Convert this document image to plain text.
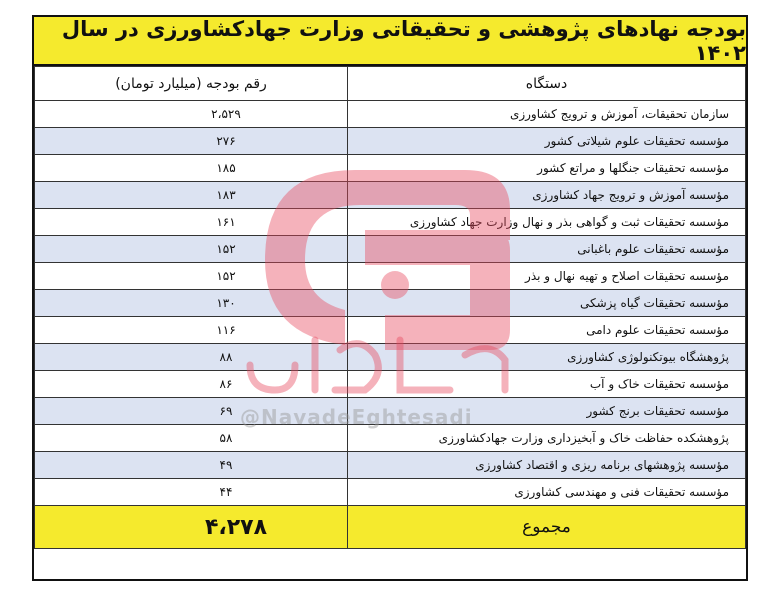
بودجه نهادهای پژوهشی و تحقیقاتی وزارت جهادکشاورزی در سال ۱۴۰۲
دستگاه	رقم بودجه (میلیارد تومان)
سازمان تحقیقات، آموزش و ترویج کشاورزی	۲،۵۲۹
مؤسسه تحقیقات علوم شیلاتی کشور	۲۷۶
مؤسسه تحقیقات جنگلها و مراتع کشور	۱۸۵
مؤسسه آموزش و ترویج جهاد کشاورزی	۱۸۳
مؤسسه تحقیقات ثبت و گواهی بذر و نهال وزارت جهاد کشاورزی	۱۶۱
مؤسسه تحقیقات علوم باغبانی	۱۵۲
مؤسسه تحقیقات اصلاح و تهیه نهال و بذر	۱۵۲
مؤسسه تحقیقات گیاه پزشکی	۱۳۰
مؤسسه تحقیقات علوم دامی	۱۱۶
پژوهشگاه بیوتکنولوژی کشاورزی	۸۸
مؤسسه تحقیقات خاک و آب	۸۶
مؤسسه تحقیقات برنج کشور	۶۹
پژوهشکده حفاظت خاک و آبخیزداری وزارت جهادکشاورزی	۵۸
مؤسسه پژوهشهای برنامه ریزی و اقتصاد کشاورزی	۴۹
مؤسسه تحقیقات فنی و مهندسی کشاورزی	۴۴
مجموع	۴،۲۷۸
@NavadeEghtesadi
